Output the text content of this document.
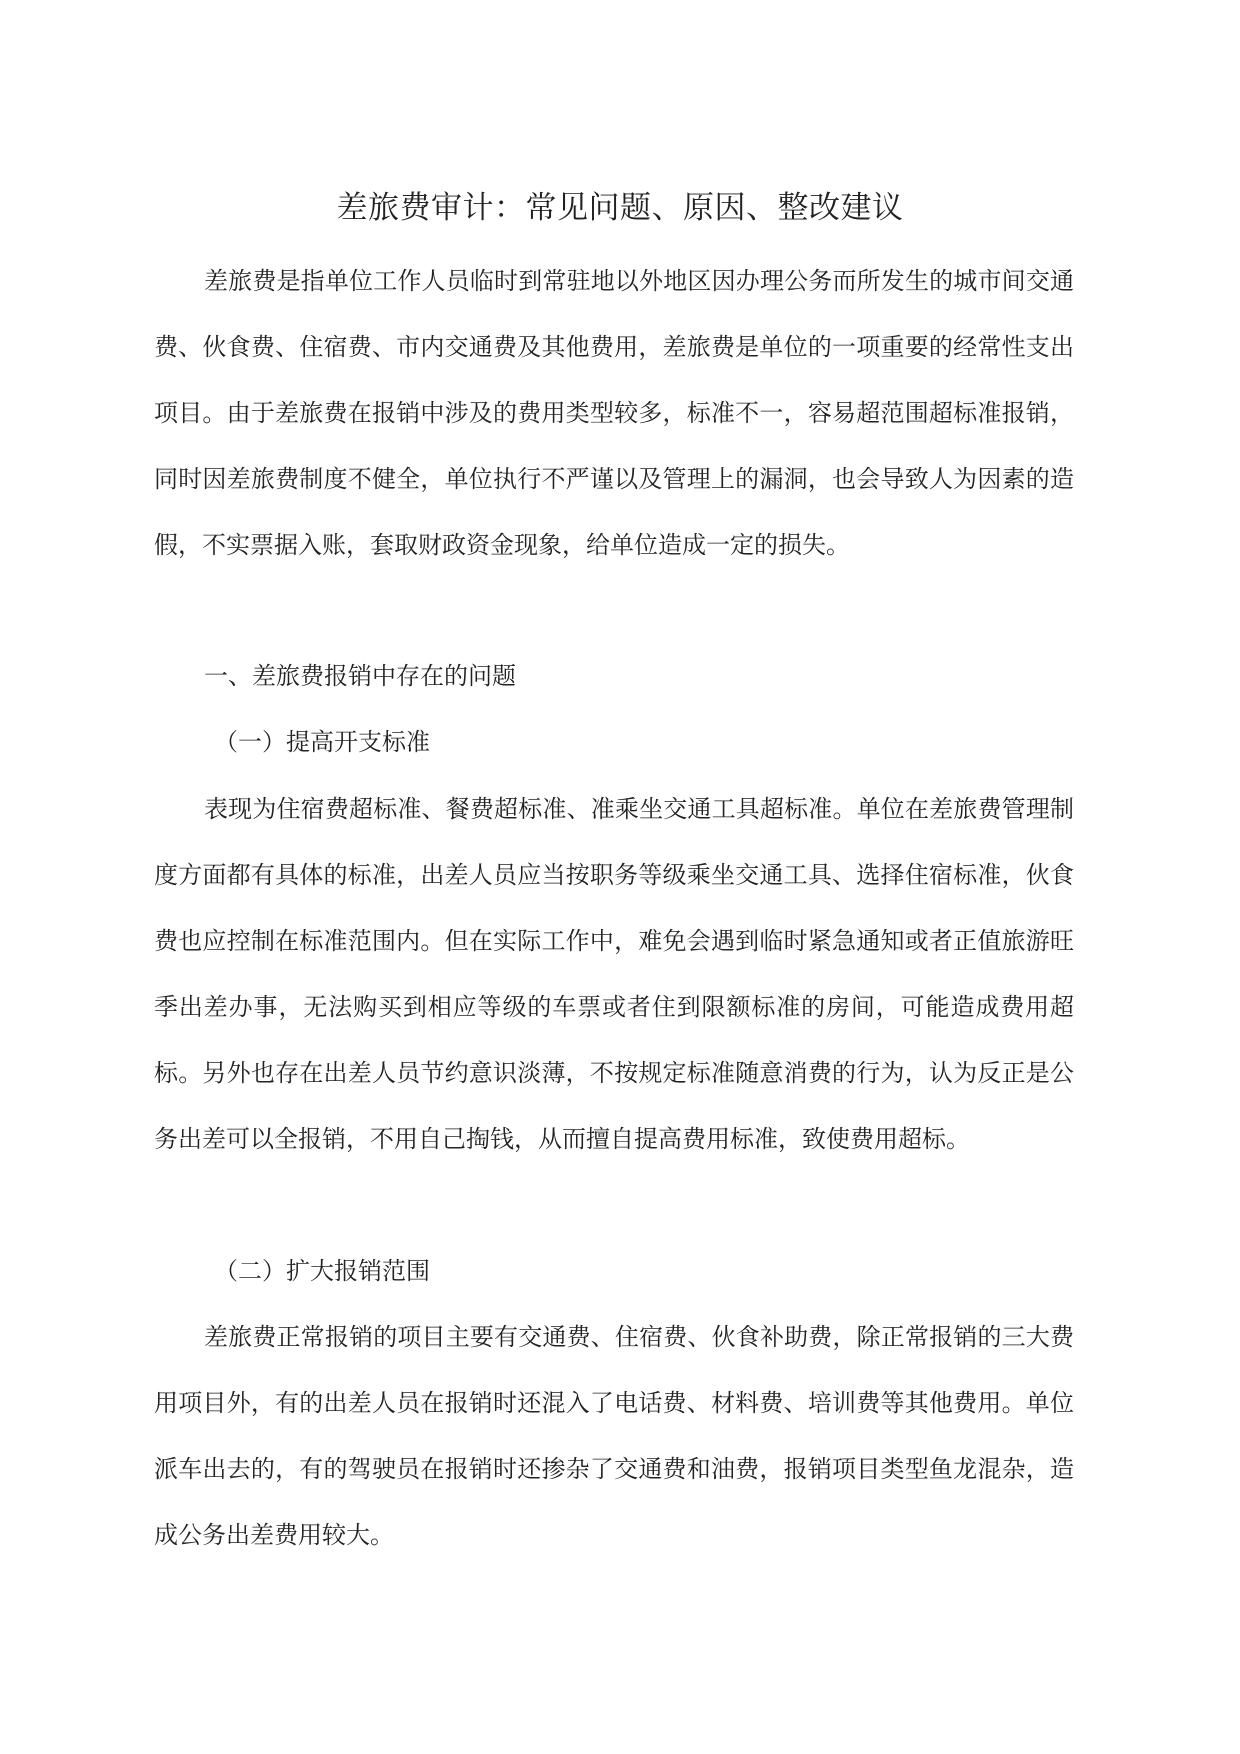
差旅费审计：常见问题、原因、整改建议

差旅费是指单位工作人员临时到常驻地以外地区因办理公务而所发生的城市间交通费、伙食费、住宿费、市内交通费及其他费用，差旅费是单位的一项重要的经常性支出项目。由于差旅费在报销中涉及的费用类型较多，标准不一，容易超范围超标准报销，同时因差旅费制度不健全，单位执行不严谨以及管理上的漏洞，也会导致人为因素的造假，不实票据入账，套取财政资金现象，给单位造成一定的损失。

一、差旅费报销中存在的问题

（一）提高开支标准

表现为住宿费超标准、餐费超标准、准乘坐交通工具超标准。单位在差旅费管理制度方面都有具体的标准，出差人员应当按职务等级乘坐交通工具、选择住宿标准，伙食费也应控制在标准范围内。但在实际工作中，难免会遇到临时紧急通知或者正值旅游旺季出差办事，无法购买到相应等级的车票或者住到限额标准的房间，可能造成费用超标。另外也存在出差人员节约意识淡薄，不按规定标准随意消费的行为，认为反正是公务出差可以全报销，不用自己掏钱，从而擅自提高费用标准，致使费用超标。

（二）扩大报销范围

差旅费正常报销的项目主要有交通费、住宿费、伙食补助费，除正常报销的三大费用项目外，有的出差人员在报销时还混入了电话费、材料费、培训费等其他费用。单位派车出去的，有的驾驶员在报销时还掺杂了交通费和油费，报销项目类型鱼龙混杂，造成公务出差费用较大。
